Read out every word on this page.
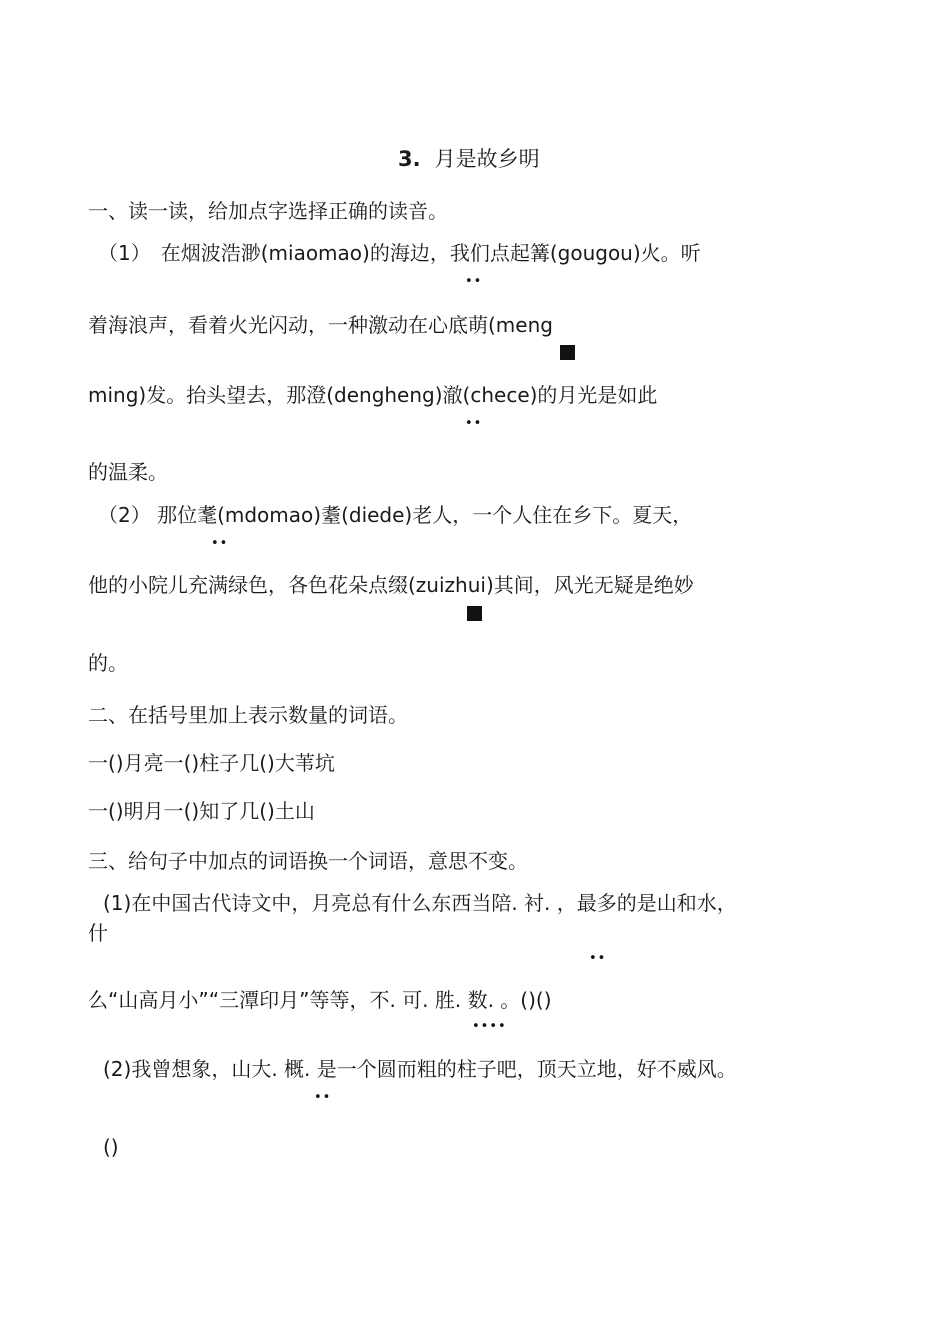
3. 月是故乡明
一、读一读，给加点字选择正确的读音。
（1）　在烟波浩渺(miaomao)的海边，我们点起篝(gougou)火。听
••
着海浪声，看着火光闪动，一种激动在心底萌(meng
ming)发。抬头望去，那澄(dengheng)澈(chece)的月光是如此
••
的温柔。
（2） 那位耄(mdomao)耋(diede)老人，一个人住在乡下。夏天，
••
他的小院儿充满绿色，各色花朵点缀(zuizhui)其间，风光无疑是绝妙
的。
二、在括号里加上表示数量的词语。
一()月亮一()柱子几()大苇坑
一()明月一()知了几()土山
三、给句子中加点的词语换一个词语，意思不变。
(1)在中国古代诗文中，月亮总有什么东西当陪. 衬. ，最多的是山和水，
什
••
么“山高月小”“三潭印月”等等，不. 可. 胜. 数. 。()()
••••
(2)我曾想象，山大. 概. 是一个圆而粗的柱子吧，顶天立地，好不威风。
••
()
